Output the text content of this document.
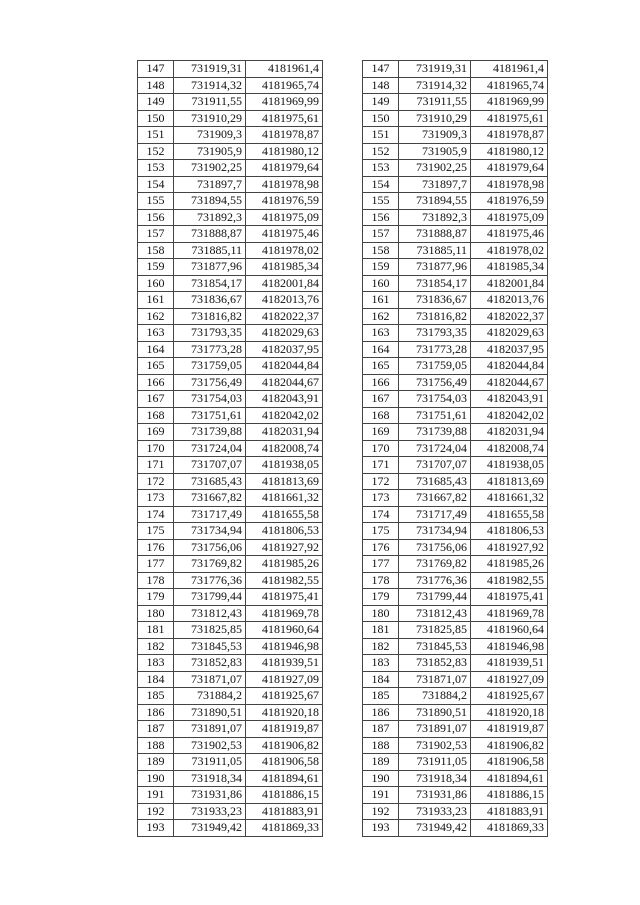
147	731919,31	4181961,4
148	731914,32	4181965,74
149	731911,55	4181969,99
150	731910,29	4181975,61
151	731909,3	4181978,87
152	731905,9	4181980,12
153	731902,25	4181979,64
154	731897,7	4181978,98
155	731894,55	4181976,59
156	731892,3	4181975,09
157	731888,87	4181975,46
158	731885,11	4181978,02
159	731877,96	4181985,34
160	731854,17	4182001,84
161	731836,67	4182013,76
162	731816,82	4182022,37
163	731793,35	4182029,63
164	731773,28	4182037,95
165	731759,05	4182044,84
166	731756,49	4182044,67
167	731754,03	4182043,91
168	731751,61	4182042,02
169	731739,88	4182031,94
170	731724,04	4182008,74
171	731707,07	4181938,05
172	731685,43	4181813,69
173	731667,82	4181661,32
174	731717,49	4181655,58
175	731734,94	4181806,53
176	731756,06	4181927,92
177	731769,82	4181985,26
178	731776,36	4181982,55
179	731799,44	4181975,41
180	731812,43	4181969,78
181	731825,85	4181960,64
182	731845,53	4181946,98
183	731852,83	4181939,51
184	731871,07	4181927,09
185	731884,2	4181925,67
186	731890,51	4181920,18
187	731891,07	4181919,87
188	731902,53	4181906,82
189	731911,05	4181906,58
190	731918,34	4181894,61
191	731931,86	4181886,15
192	731933,23	4181883,91
193	731949,42	4181869,33
147	731919,31	4181961,4
148	731914,32	4181965,74
149	731911,55	4181969,99
150	731910,29	4181975,61
151	731909,3	4181978,87
152	731905,9	4181980,12
153	731902,25	4181979,64
154	731897,7	4181978,98
155	731894,55	4181976,59
156	731892,3	4181975,09
157	731888,87	4181975,46
158	731885,11	4181978,02
159	731877,96	4181985,34
160	731854,17	4182001,84
161	731836,67	4182013,76
162	731816,82	4182022,37
163	731793,35	4182029,63
164	731773,28	4182037,95
165	731759,05	4182044,84
166	731756,49	4182044,67
167	731754,03	4182043,91
168	731751,61	4182042,02
169	731739,88	4182031,94
170	731724,04	4182008,74
171	731707,07	4181938,05
172	731685,43	4181813,69
173	731667,82	4181661,32
174	731717,49	4181655,58
175	731734,94	4181806,53
176	731756,06	4181927,92
177	731769,82	4181985,26
178	731776,36	4181982,55
179	731799,44	4181975,41
180	731812,43	4181969,78
181	731825,85	4181960,64
182	731845,53	4181946,98
183	731852,83	4181939,51
184	731871,07	4181927,09
185	731884,2	4181925,67
186	731890,51	4181920,18
187	731891,07	4181919,87
188	731902,53	4181906,82
189	731911,05	4181906,58
190	731918,34	4181894,61
191	731931,86	4181886,15
192	731933,23	4181883,91
193	731949,42	4181869,33
